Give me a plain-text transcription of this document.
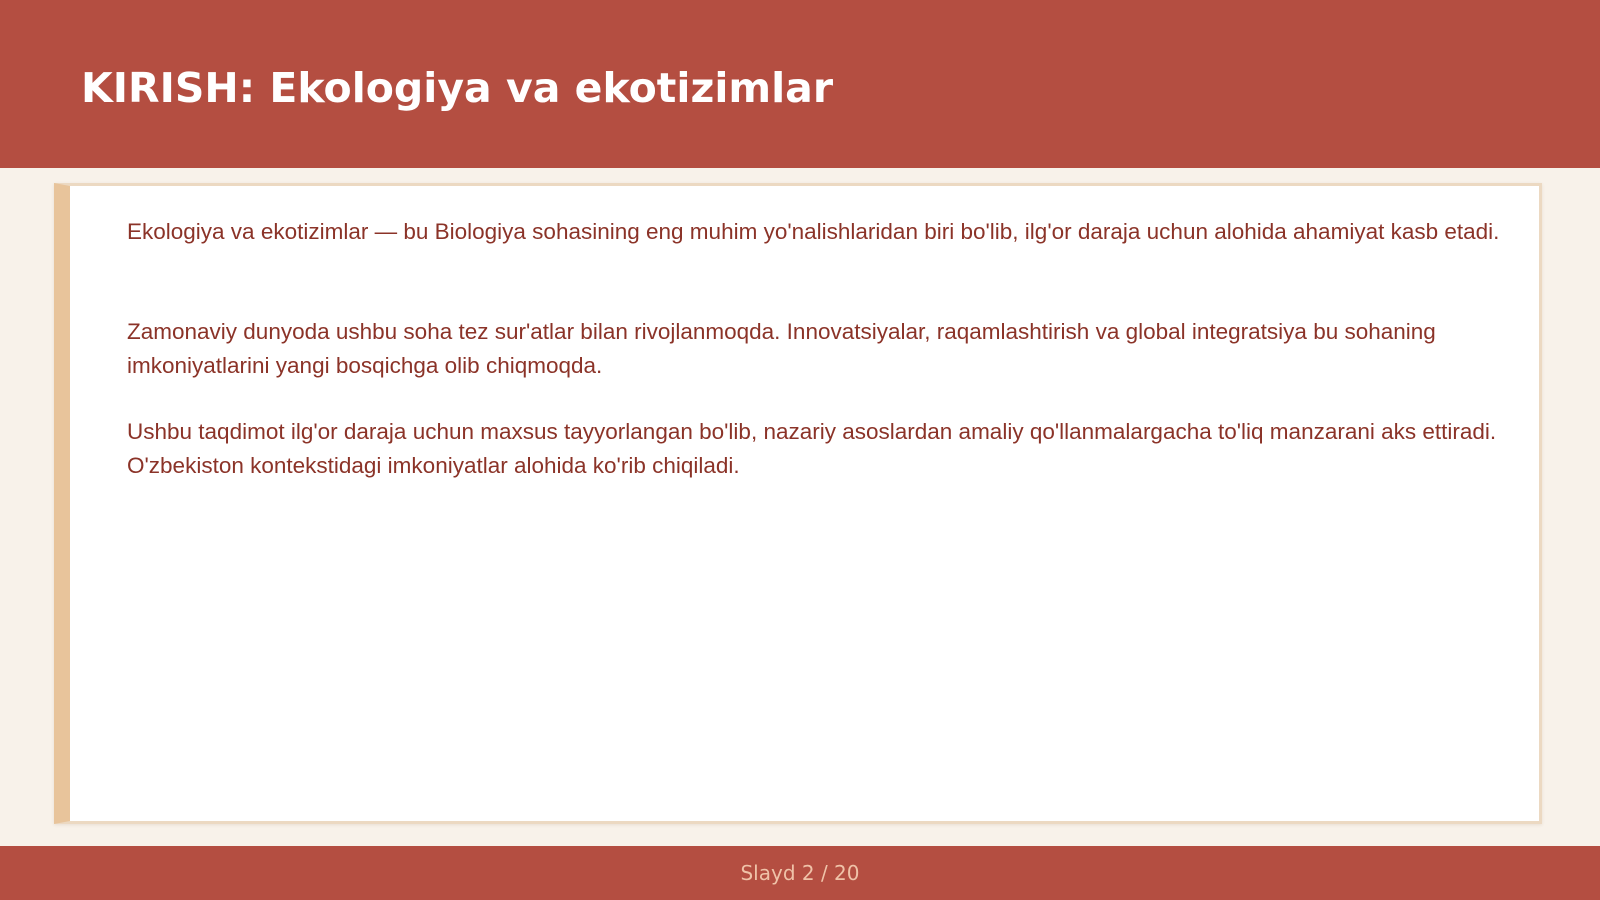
KIRISH: Ekologiya va ekotizimlar

Ekologiya va ekotizimlar — bu Biologiya sohasining eng muhim yo'nalishlaridan biri bo'lib, ilg'or daraja uchun alohida ahamiyat kasb etadi.

Zamonaviy dunyoda ushbu soha tez sur'atlar bilan rivojlanmoqda. Innovatsiyalar, raqamlashtirish va global integratsiya bu sohaning imkoniyatlarini yangi bosqichga olib chiqmoqda.

Ushbu taqdimot ilg'or daraja uchun maxsus tayyorlangan bo'lib, nazariy asoslardan amaliy qo'llanmalargacha to'liq manzarani aks ettiradi. O'zbekiston kontekstidagi imkoniyatlar alohida ko'rib chiqiladi.

Slayd 2 / 20
